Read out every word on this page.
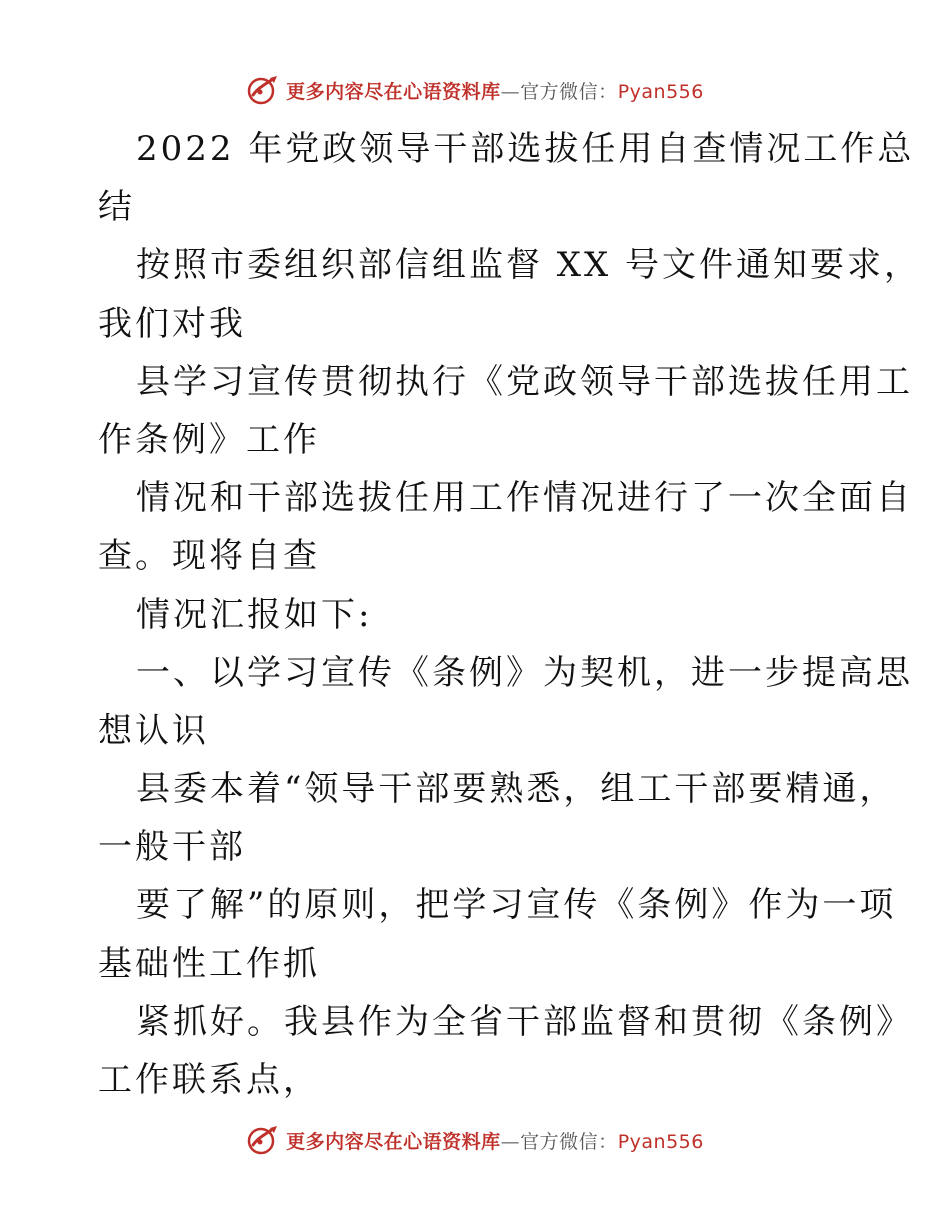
更多内容尽在心语资料库—官方微信：Pyan556
2022 年党政领导干部选拔任用自查情况工作总
结
按照市委组织部信组监督 XX 号文件通知要求，
我们对我
县学习宣传贯彻执行《党政领导干部选拔任用工
作条例》工作
情况和干部选拔任用工作情况进行了一次全面自
查。现将自查
情况汇报如下:
一、以学习宣传《条例》为契机，进一步提高思
想认识
县委本着“领导干部要熟悉，组工干部要精通，
一般干部
要了解”的原则，把学习宣传《条例》作为一项
基础性工作抓
紧抓好。我县作为全省干部监督和贯彻《条例》
工作联系点，
更多内容尽在心语资料库—官方微信：Pyan556
